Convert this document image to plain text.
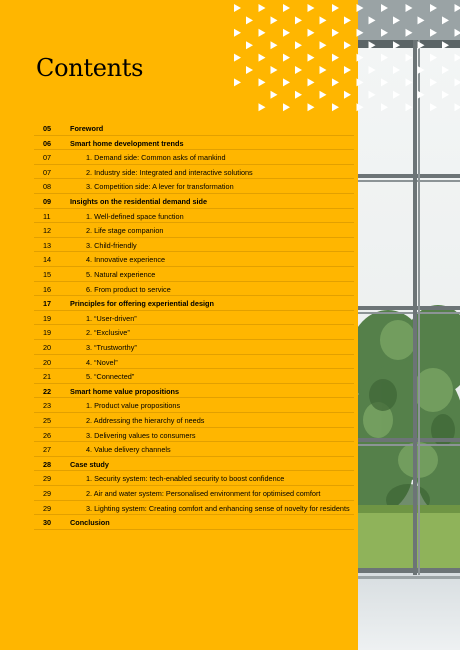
Contents
05	Foreword
06	Smart home development trends
07	1. Demand side: Common asks of mankind
07	2. Industry side: Integrated and interactive solutions
08	3. Competition side: A lever for transformation
09	Insights on the residential demand side
11	1. Well-defined space function
12	2. Life stage companion
13	3. Child-friendly
14	4. Innovative experience
15	5. Natural experience
16	6. From product to service
17	Principles for offering experiential design
19	1. “User-driven”
19	2. “Exclusive”
20	3. “Trustworthy”
20	4. “Novel”
21	5. “Connected”
22	Smart home value propositions
23	1. Product value propositions
25	2. Addressing the hierarchy of needs
26	3. Delivering values to consumers
27	4. Value delivery channels
28	Case study
29	1. Security system: tech-enabled security to boost confidence
29	2. Air and water system: Personalised environment for optimised comfort
29	3. Lighting system: Creating comfort and enhancing sense of novelty for residents
30	Conclusion
